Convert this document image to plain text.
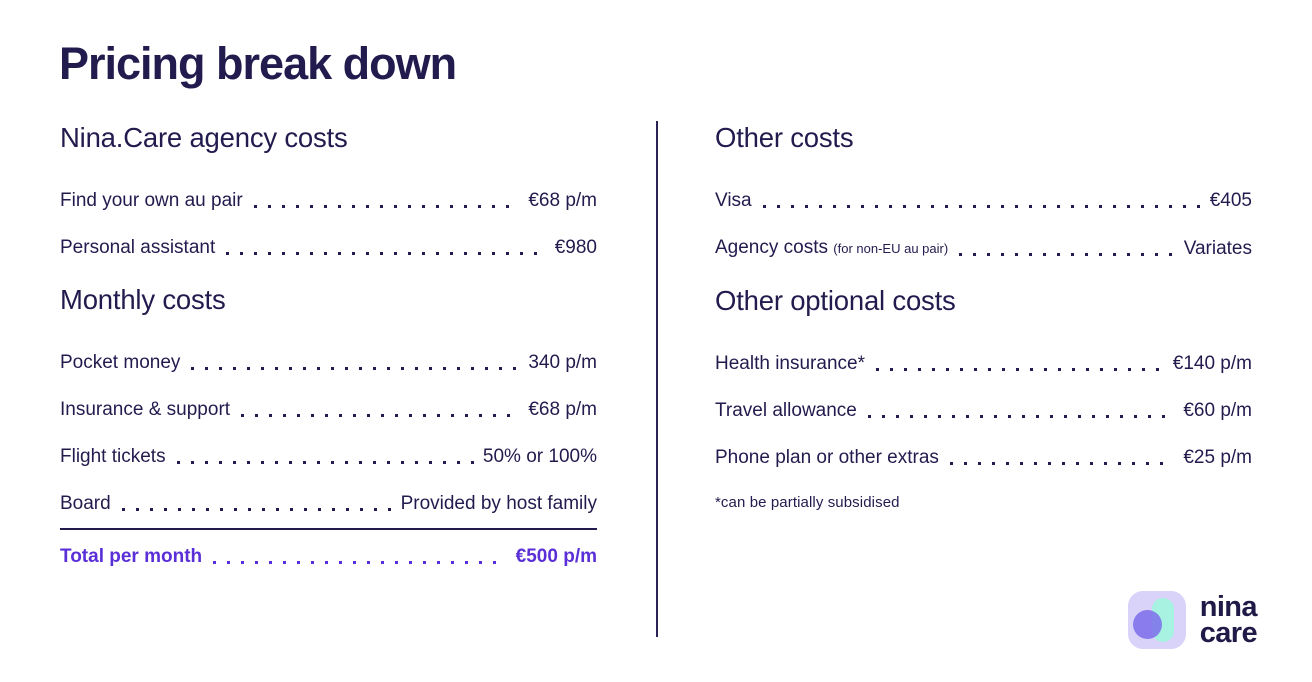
Pricing break down
Nina.Care agency costs
Find your own au pair	€68 p/m
Personal assistant	€980
Monthly costs
Pocket money	340 p/m
Insurance & support	€68 p/m
Flight tickets	50% or 100%
Board	Provided by host family
Total per month	€500 p/m
Other costs
Visa	€405
Agency costs (for non-EU au pair)	Variates
Other optional costs
Health insurance*	€140 p/m
Travel allowance	€60 p/m
Phone plan or other extras	€25 p/m
*can be partially subsidised
nina
care
